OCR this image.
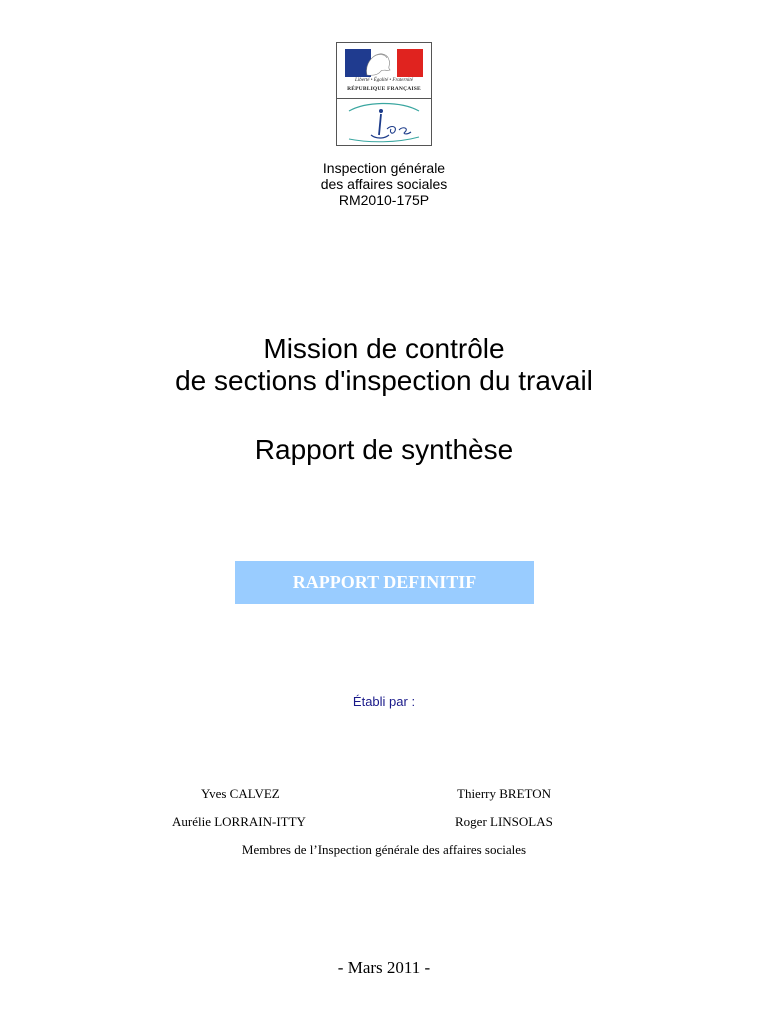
Liberté • Égalité • Fraternité
RÉPUBLIQUE FRANÇAISE
Inspection générale
des affaires sociales
RM2010-175P
Mission de contrôle
de sections d'inspection du travail
Rapport de synthèse
RAPPORT DEFINITIF
Établi par :
Yves CALVEZ	Thierry BRETON
Aurélie LORRAIN-ITTY	Roger LINSOLAS
Membres de l’Inspection générale des affaires sociales
- Mars 2011 -
